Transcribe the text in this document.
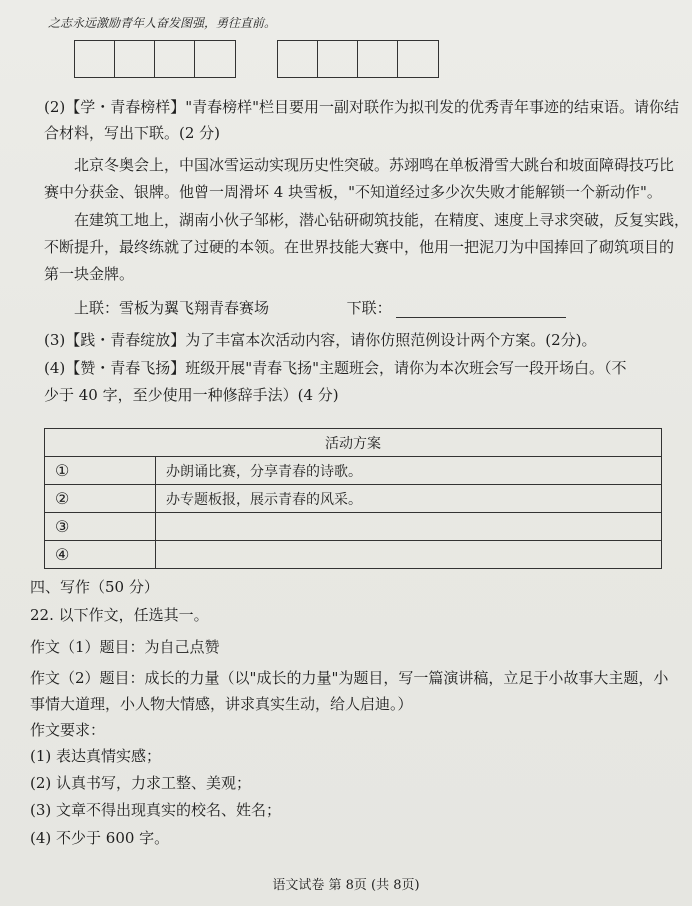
之志永远激励青年人奋发图强，勇往直前。
(2)【学・青春榜样】"青春榜样"栏目要用一副对联作为拟刊发的优秀青年事迹的结束语。请你结
合材料，写出下联。(2 分)
北京冬奥会上，中国冰雪运动实现历史性突破。苏翊鸣在单板滑雪大跳台和坡面障碍技巧比
赛中分获金、银牌。他曾一周滑坏 4 块雪板，"不知道经过多少次失败才能解锁一个新动作"。
在建筑工地上，湖南小伙子邹彬，潜心钻研砌筑技能，在精度、速度上寻求突破，反复实践，
不断提升，最终练就了过硬的本领。在世界技能大赛中，他用一把泥刀为中国捧回了砌筑项目的
第一块金牌。
上联：雪板为翼飞翔青春赛场	下联：
(3)【践・青春绽放】为了丰富本次活动内容，请你仿照范例设计两个方案。(2分)。
(4)【赞・青春飞扬】班级开展"青春飞扬"主题班会，请你为本次班会写一段开场白。（不
少于 40 字，至少使用一种修辞手法）(4 分)
活动方案	
①	办朗诵比赛，分享青春的诗歌。
②	办专题板报，展示青春的风采。
③	
④	
四、写作（50 分）
22. 以下作文，任选其一。
作文（1）题目：为自己点赞
作文（2）题目：成长的力量（以"成长的力量"为题目，写一篇演讲稿，立足于小故事大主题，小
事情大道理，小人物大情感，讲求真实生动，给人启迪。）
作文要求：
(1) 表达真情实感；
(2) 认真书写，力求工整、美观；
(3) 文章不得出现真实的校名、姓名；
(4) 不少于 600 字。
语文试卷 第 8页 (共 8页)
